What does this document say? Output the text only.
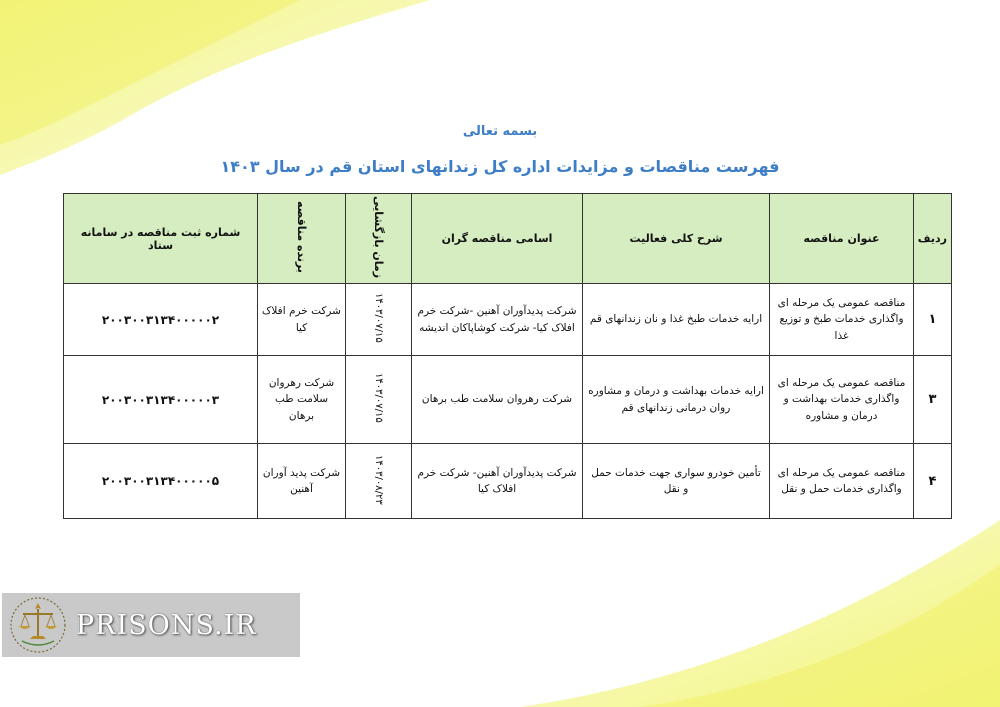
بسمه تعالی
فهرست مناقصات و مزایدات اداره کل زندانهای استان قم در سال ۱۴۰۳
ردیف	عنوان مناقصه	شرح کلی فعالیت	اسامی مناقصه گران	زمان بازگشایی	برنده مناقصه	شماره ثبت مناقصه در سامانه ستاد
۱	مناقصه عمومی یک مرحله ای واگذاری خدمات طبخ و توزیع غذا	ارایه خدمات طبخ غذا و نان زندانهای قم	شرکت پدیدآوران آهنین -شرکت خرم افلاک کیا- شرکت کوشاپاکان اندیشه	۱۴۰۳/۰۷/۱۵	شرکت خرم افلاک کیا	۲۰۰۳۰۰۳۱۳۴۰۰۰۰۰۲
۳	مناقصه عمومی یک مرحله ای واگذاری خدمات بهداشت و درمان و مشاوره	ارایه خدمات بهداشت و درمان و مشاوره روان درمانی زندانهای قم	شرکت رهروان سلامت طب برهان	۱۴۰۳/۰۷/۱۵	شرکت رهروان سلامت طب برهان	۲۰۰۳۰۰۳۱۳۴۰۰۰۰۰۳
۴	مناقصه عمومی یک مرحله ای واگذاری خدمات حمل و نقل	تأمین خودرو سواری جهت خدمات حمل و نقل	شرکت پدیدآوران آهنین- شرکت خرم افلاک کیا	۱۴۰۳/۰۸/۲۳	شرکت پدید آوران آهنین	۲۰۰۳۰۰۳۱۳۴۰۰۰۰۰۵
PRISONS.IR
